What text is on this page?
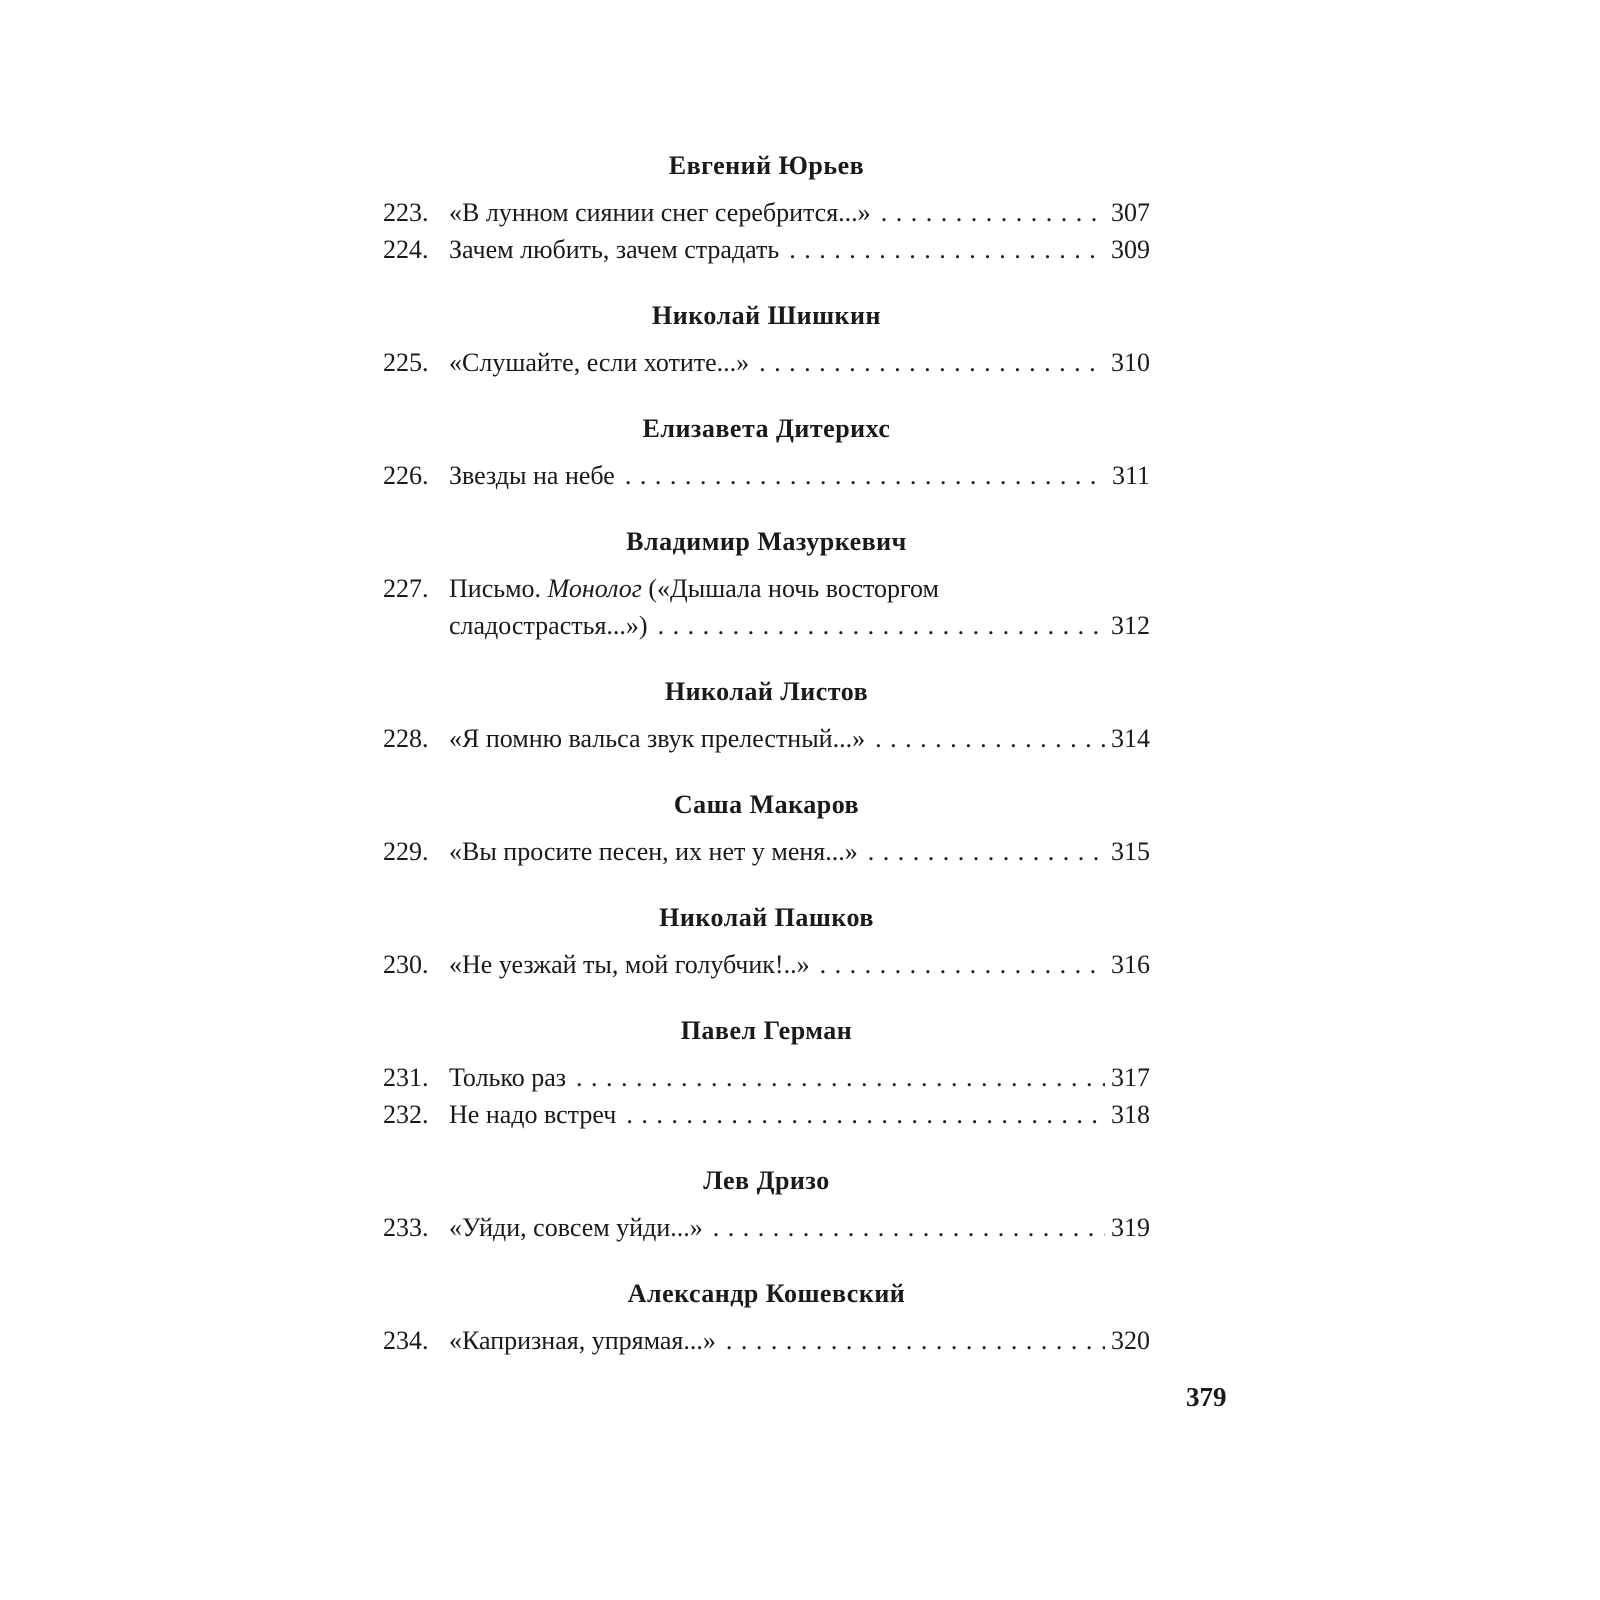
Евгений Юрьев
223. «В лунном сиянии снег серебрится...» . . .	307
224. Зачем любить, зачем страдать . . .	309
Николай Шишкин
225. «Слушайте, если хотите...» . . .	310
Елизавета Дитерихс
226. Звезды на небе . . .	311
Владимир Мазуркевич
227. Письмо. Монолог («Дышала ночь восторгом
сладострастья...») . . .	312
Николай Листов
228. «Я помню вальса звук прелестный...» . . .	314
Саша Макаров
229. «Вы просите песен, их нет у меня...» . . .	315
Николай Пашков
230. «Не уезжай ты, мой голубчик!..» . . .	316
Павел Герман
231. Только раз . . .	317
232. Не надо встреч . . .	318
Лев Дризо
233. «Уйди, совсем уйди...» . . .	319
Александр Кошевский
234. «Капризная, упрямая...» . . .	320
379
